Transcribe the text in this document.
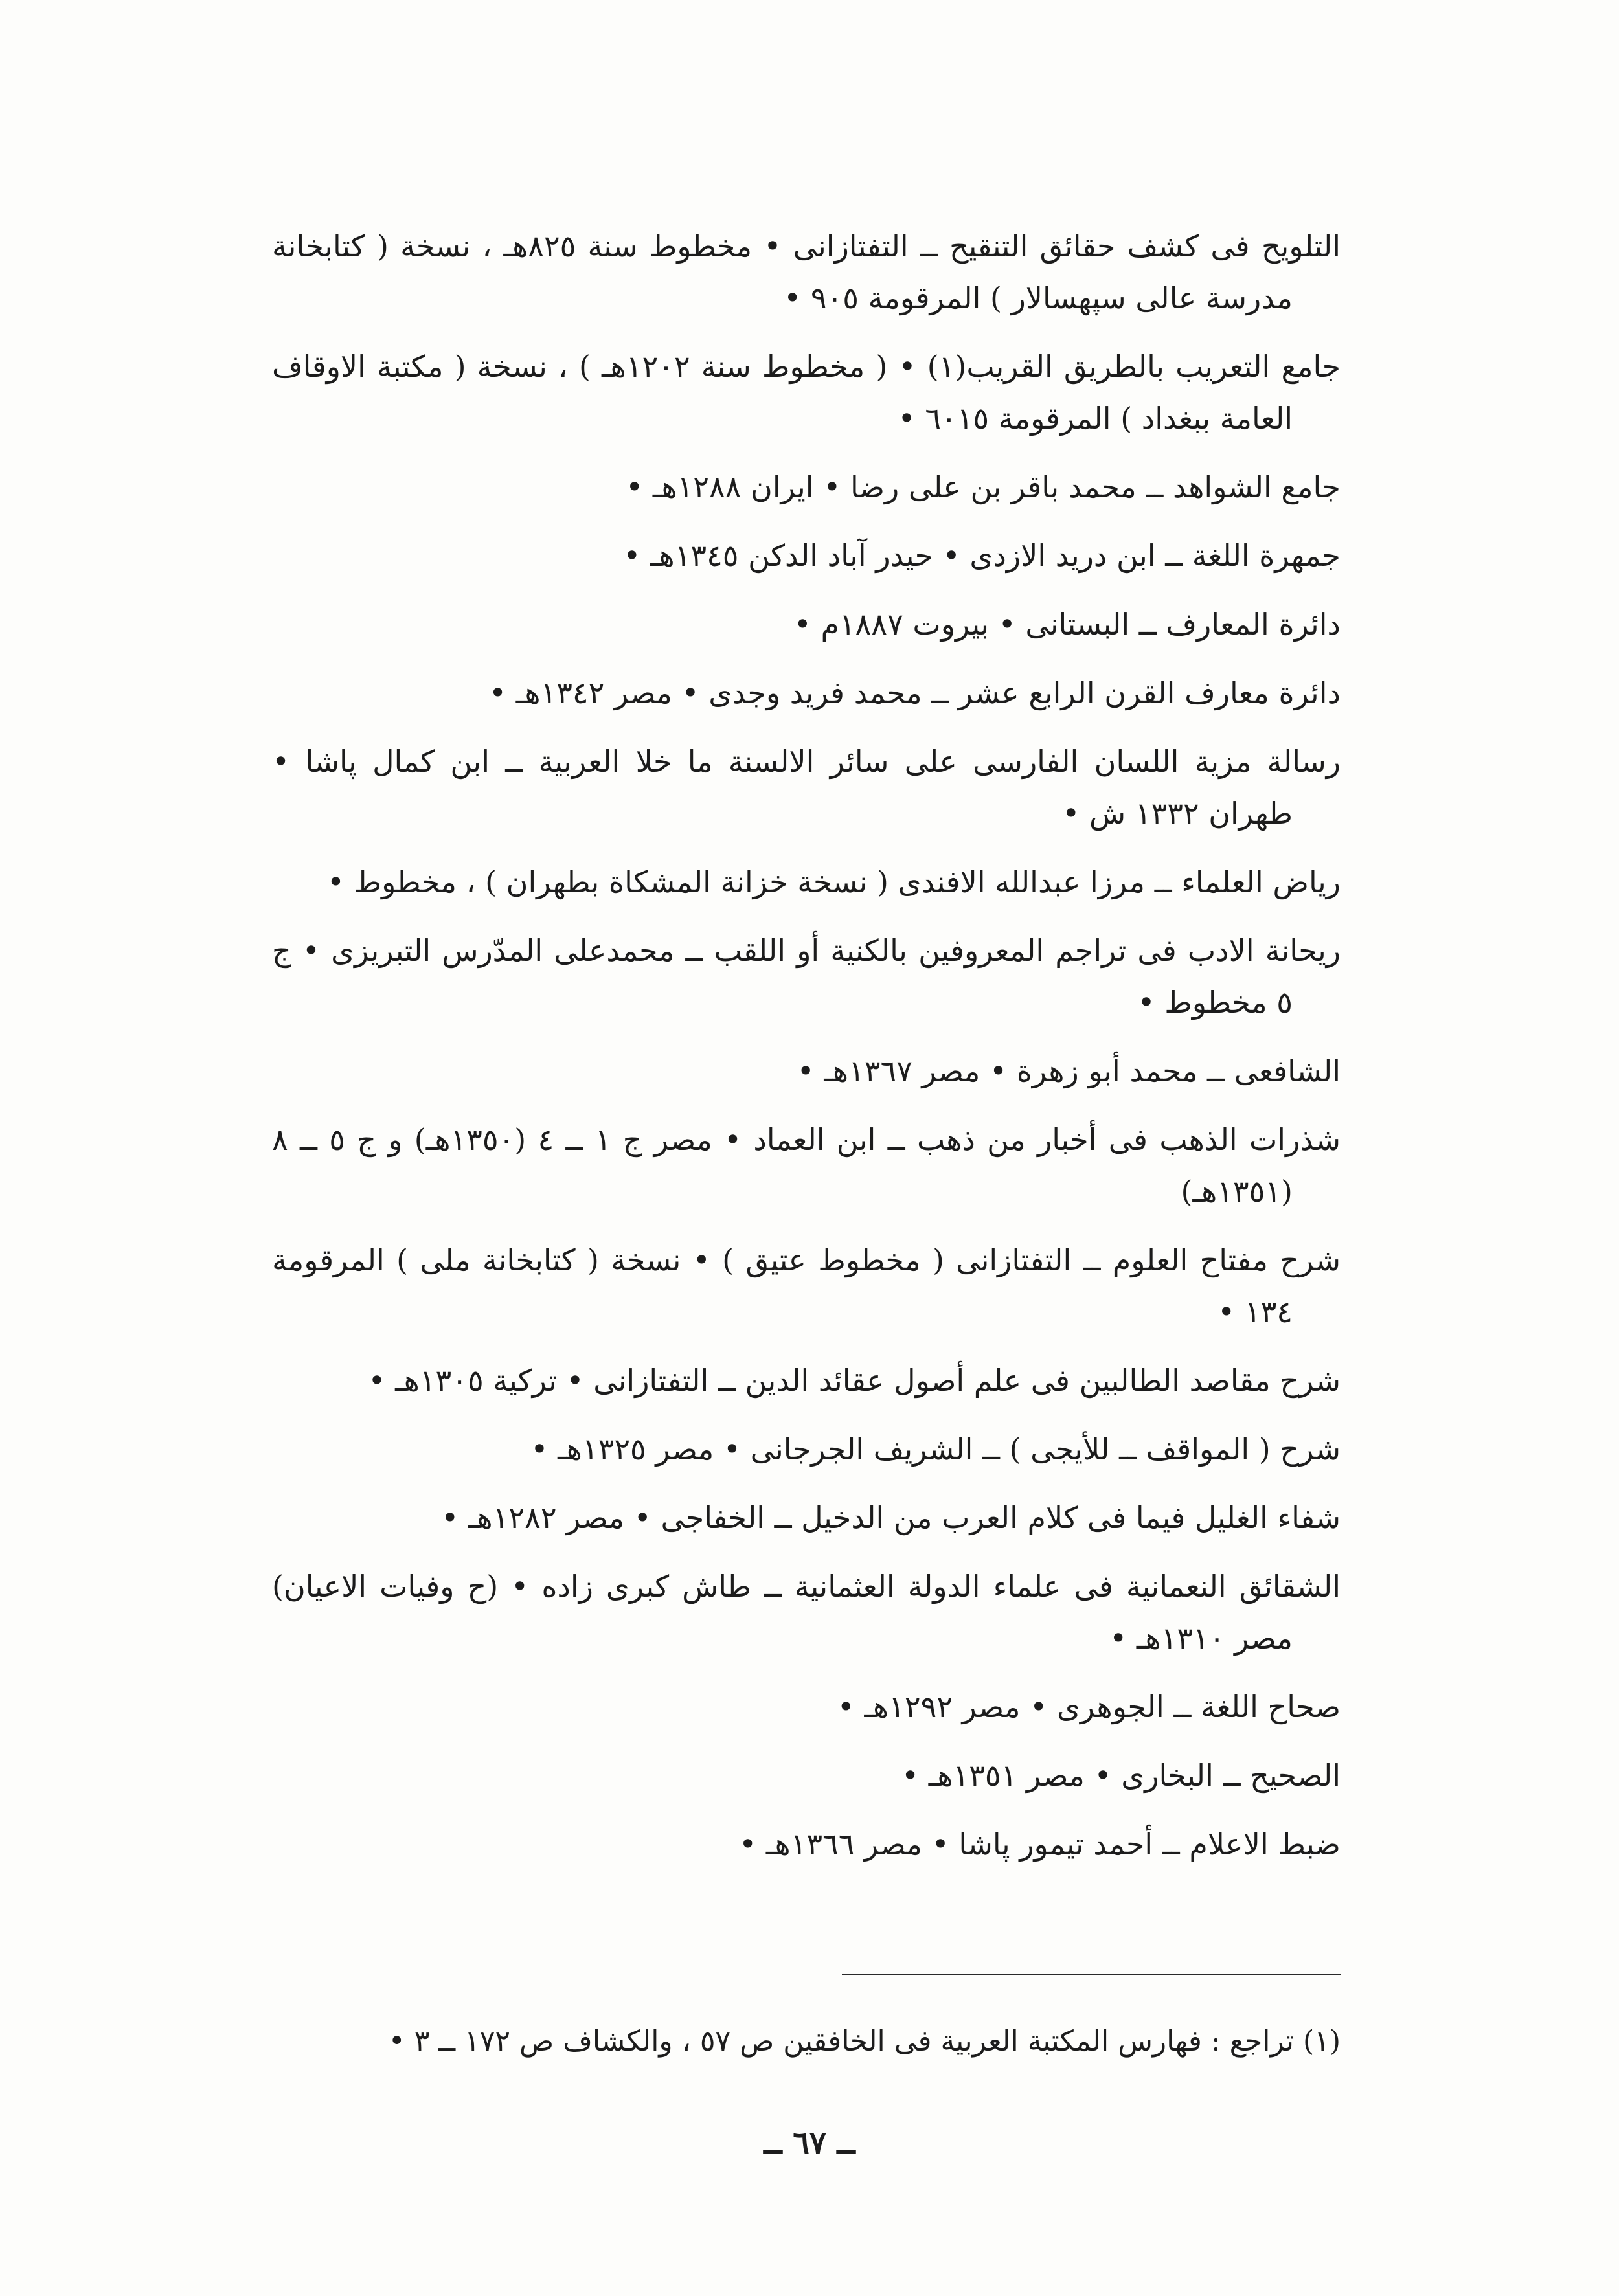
التلويح فى كشف حقائق التنقيح ــ التفتازانى • مخطوط سنة ٨٢٥هـ ، نسخة ( كتابخانة مدرسة عالى سپهسالار ) المرقومة ٩٠٥ •

جامع التعريب بالطريق القريب(١) • ( مخطوط سنة ١٢٠٢هـ ) ، نسخة ( مكتبة الاوقاف العامة ببغداد ) المرقومة ٦٠١٥ •

جامع الشواهد ــ محمد باقر بن على رضا • ايران ١٢٨٨هـ •

جمهرة اللغة ــ ابن دريد الازدى • حيدر آباد الدكن ١٣٤٥هـ •

دائرة المعارف ــ البستانى • بيروت ١٨٨٧م •

دائرة معارف القرن الرابع عشر ــ محمد فريد وجدى • مصر ١٣٤٢هـ •

رسالة مزية اللسان الفارسى على سائر الالسنة ما خلا العربية ــ ابن كمال پاشا • طهران ١٣٣٢ ش •

رياض العلماء ــ مرزا عبدالله الافندى ( نسخة خزانة المشكاة بطهران ) ، مخطوط •

ريحانة الادب فى تراجم المعروفين بالكنية أو اللقب ــ محمدعلى المدّرس التبريزى • ج ٥ مخطوط •

الشافعى ــ محمد أبو زهرة • مصر ١٣٦٧هـ •

شذرات الذهب فى أخبار من ذهب ــ ابن العماد • مصر ج ١ ــ ٤ (١٣٥٠هـ) و ج ٥ ــ ٨ (١٣٥١هـ)

شرح مفتاح العلوم ــ التفتازانى ( مخطوط عتيق ) • نسخة ( كتابخانة ملى ) المرقومة ١٣٤ •

شرح مقاصد الطالبين فى علم أصول عقائد الدين ــ التفتازانى • تركية ١٣٠٥هـ •

شرح ( المواقف ــ للأيجى ) ــ الشريف الجرجانى • مصر ١٣٢٥هـ •

شفاء الغليل فيما فى كلام العرب من الدخيل ــ الخفاجى • مصر ١٢٨٢هـ •

الشقائق النعمانية فى علماء الدولة العثمانية ــ طاش كبرى زاده • (ح وفيات الاعيان) مصر ١٣١٠هـ •

صحاح اللغة ــ الجوهرى • مصر ١٢٩٢هـ •

الصحيح ــ البخارى • مصر ١٣٥١هـ •

ضبط الاعلام ــ أحمد تيمور پاشا • مصر ١٣٦٦هـ •

(١) تراجع : فهارس المكتبة العربية فى الخافقين ص ٥٧ ، والكشاف ص ١٧٢ ــ ٣ •

ــ ٦٧ ــ
